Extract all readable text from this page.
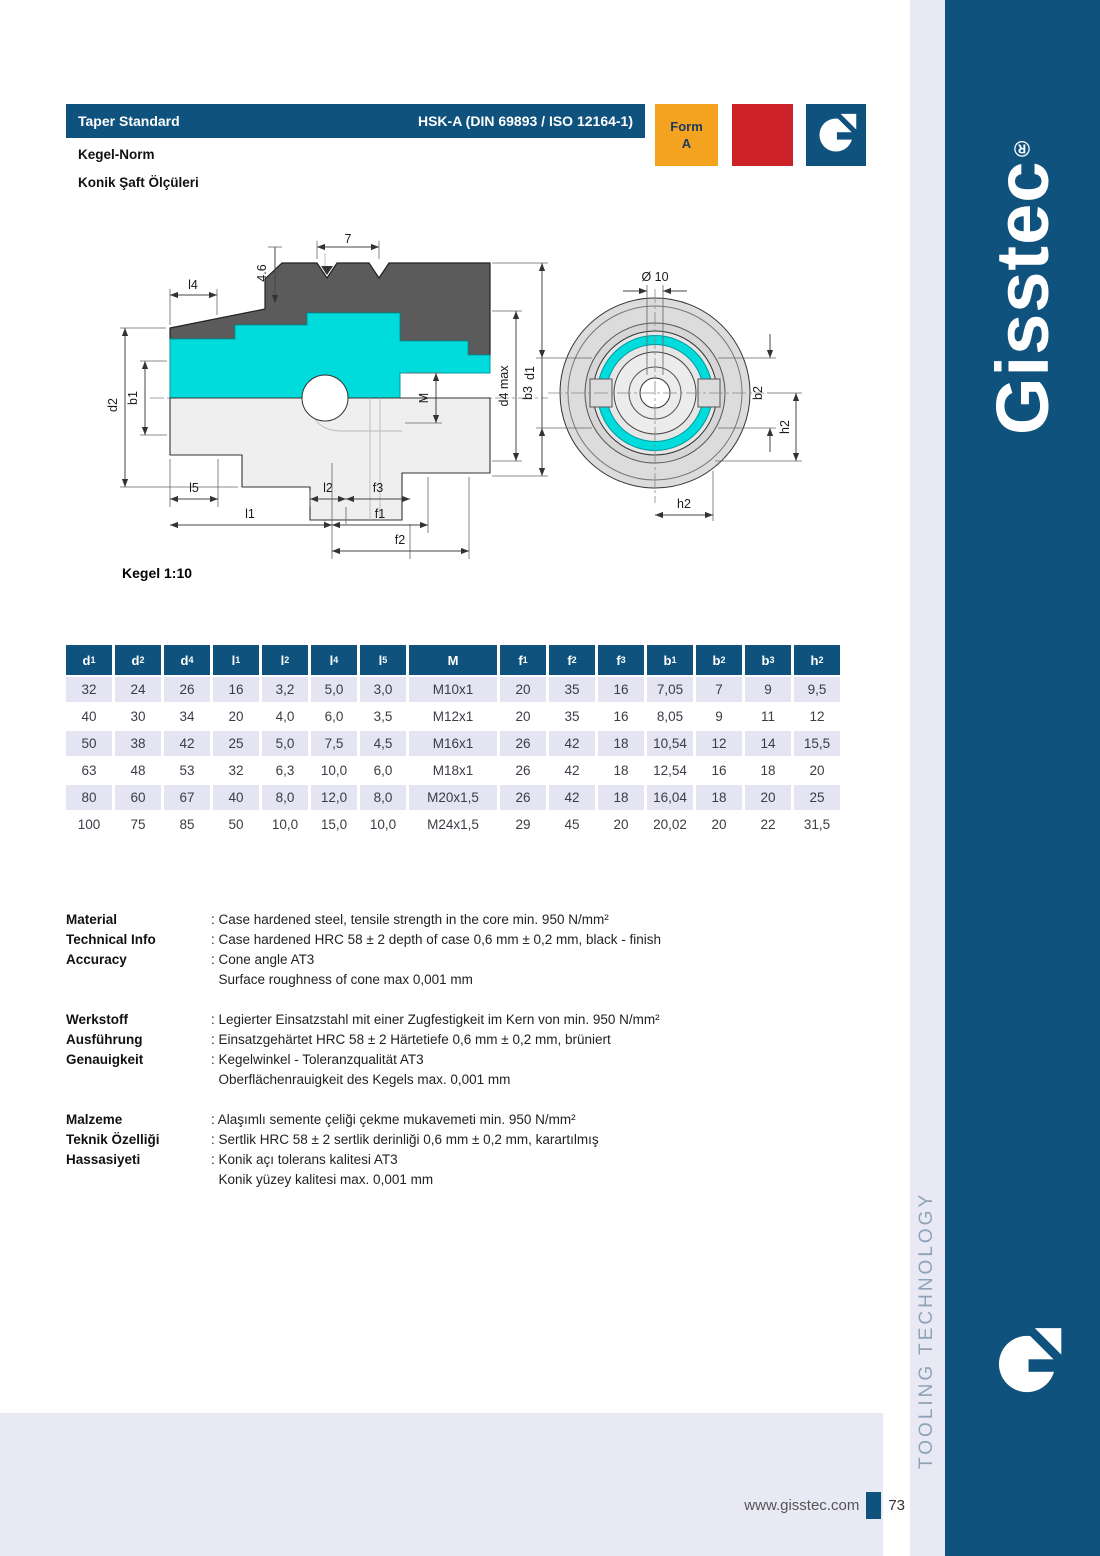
Gisstec
®
TOOLING TECHNOLOGY
Taper Standard	HSK-A (DIN 69893 / ISO 12164-1)	Form
A
Kegel-Norm
Konik Şaft Ölçüleri
4.6
7
l4
d2
b1	M	d4 max d1
l5	l2	f3
l1	f1
f2
Kegel 1:10
Ø 10
b3	b2
h2
h2
d 1	d 2	d 4	l 1	l 2	l 4	l 5	M	f 1	f 2	f 3	b 1	b 2	b 3	h 2
32	24	26	16	3,2	5,0	3,0	M10x1	20	35	16	7,05	7	9	9,5
40	30	34	20	4,0	6,0	3,5	M12x1	20	35	16	8,05	9	11	12
50	38	42	25	5,0	7,5	4,5	M16x1	26	42	18	10,54	12	14	15,5
63	48	53	32	6,3	10,0	6,0	M18x1	26	42	18	12,54	16	18	20
80	60	67	40	8,0	12,0	8,0	M20x1,5	26	42	18	16,04	18	20	25
100	75	85	50	10,0	15,0	10,0	M24x1,5	29	45	20	20,02	20	22	31,5
Material	: Case hardened steel, tensile strength in the core min. 950 N/mm²
Technical Info	: Case hardened HRC 58 ± 2 depth of case 0,6 mm ± 0,2 mm, black - finish
Accuracy	: Cone angle AT3
Surface roughness of cone max 0,001 mm
Werkstoff	: Legierter Einsatzstahl mit einer Zugfestigkeit im Kern von min. 950 N/mm²
Ausführung	: Einsatzgehärtet HRC 58 ± 2 Härtetiefe 0,6 mm ± 0,2 mm, brüniert
Genauigkeit	: Kegelwinkel - Toleranzqualität AT3
Oberflächenrauigkeit des Kegels max. 0,001 mm
Malzeme	: Alaşımlı semente çeliği çekme mukavemeti min. 950 N/mm²
Teknik Özelliği	: Sertlik HRC 58 ± 2 sertlik derinliği 0,6 mm ± 0,2 mm, karartılmış
Hassasiyeti	: Konik açı tolerans kalitesi AT3
Konik yüzey kalitesi max. 0,001 mm
www.gisstec.com 73
